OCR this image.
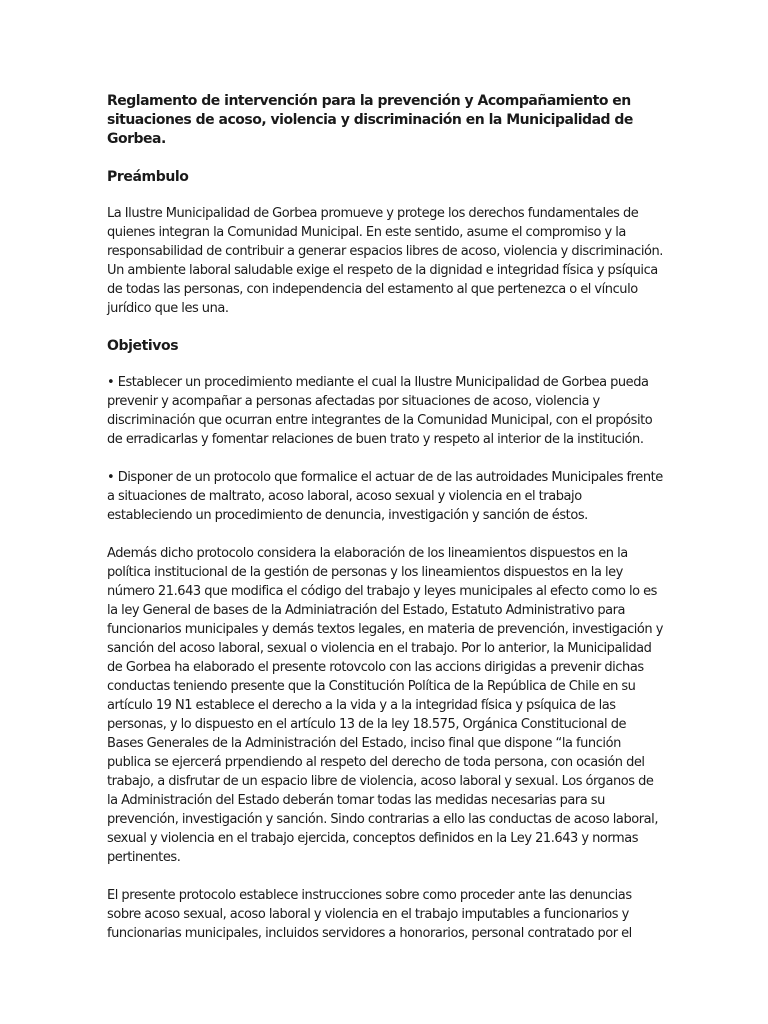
Reglamento de intervención para la prevención y Acompañamiento en situaciones de acoso, violencia y discriminación en la Municipalidad de Gorbea.
Preámbulo
La Ilustre Municipalidad de Gorbea promueve y protege los derechos fundamentales de quienes integran la Comunidad Municipal. En este sentido, asume el compromiso y la responsabilidad de contribuir a generar espacios libres de acoso, violencia y discriminación. Un ambiente laboral saludable exige el respeto de la dignidad e integridad física y psíquica de todas las personas, con independencia del estamento al que pertenezca o el vínculo jurídico que les una.
Objetivos
• Establecer un procedimiento mediante el cual la Ilustre Municipalidad de Gorbea pueda prevenir y acompañar a personas afectadas por situaciones de acoso, violencia y discriminación que ocurran entre integrantes de la Comunidad Municipal, con el propósito de erradicarlas y fomentar relaciones de buen trato y respeto al interior de la institución.
• Disponer de un protocolo que formalice el actuar de de las autroidades Municipales frente a situaciones de maltrato, acoso laboral, acoso sexual y violencia en el trabajo estableciendo un procedimiento de denuncia, investigación y sanción de éstos.
Además dicho protocolo considera la elaboración de los lineamientos dispuestos en la política institucional de la gestión de personas y los lineamientos dispuestos en la ley número 21.643 que modifica el código del trabajo y leyes municipales al efecto como lo es la ley General de bases de la Adminiatración del Estado, Estatuto Administrativo para funcionarios municipales y demás textos legales, en materia de prevención, investigación y sanción del acoso laboral, sexual o violencia en el trabajo. Por lo anterior, la Municipalidad de Gorbea ha elaborado el presente rotovcolo con las accions dirigidas a prevenir dichas conductas teniendo presente que la Constitución Política de la República de Chile en su artículo 19 N1 establece el derecho a la vida y a la integridad física y psíquica de las personas, y lo dispuesto en el artículo 13 de la ley 18.575, Orgánica Constitucional de Bases Generales de la Administración del Estado, inciso final que dispone “la función publica se ejercerá prpendiendo al respeto del derecho de toda persona, con ocasión del trabajo, a disfrutar de un espacio libre de violencia, acoso laboral y sexual. Los órganos de la Administración del Estado deberán tomar todas las medidas necesarias para su prevención, investigación y sanción. Sindo contrarias a ello las conductas de acoso laboral, sexual y violencia en el trabajo ejercida, conceptos definidos en la Ley 21.643 y normas pertinentes.
El presente protocolo establece instrucciones sobre como proceder ante las denuncias sobre acoso sexual, acoso laboral y violencia en el trabajo imputables a funcionarios y funcionarias municipales, incluidos servidores a honorarios, personal contratado por el
